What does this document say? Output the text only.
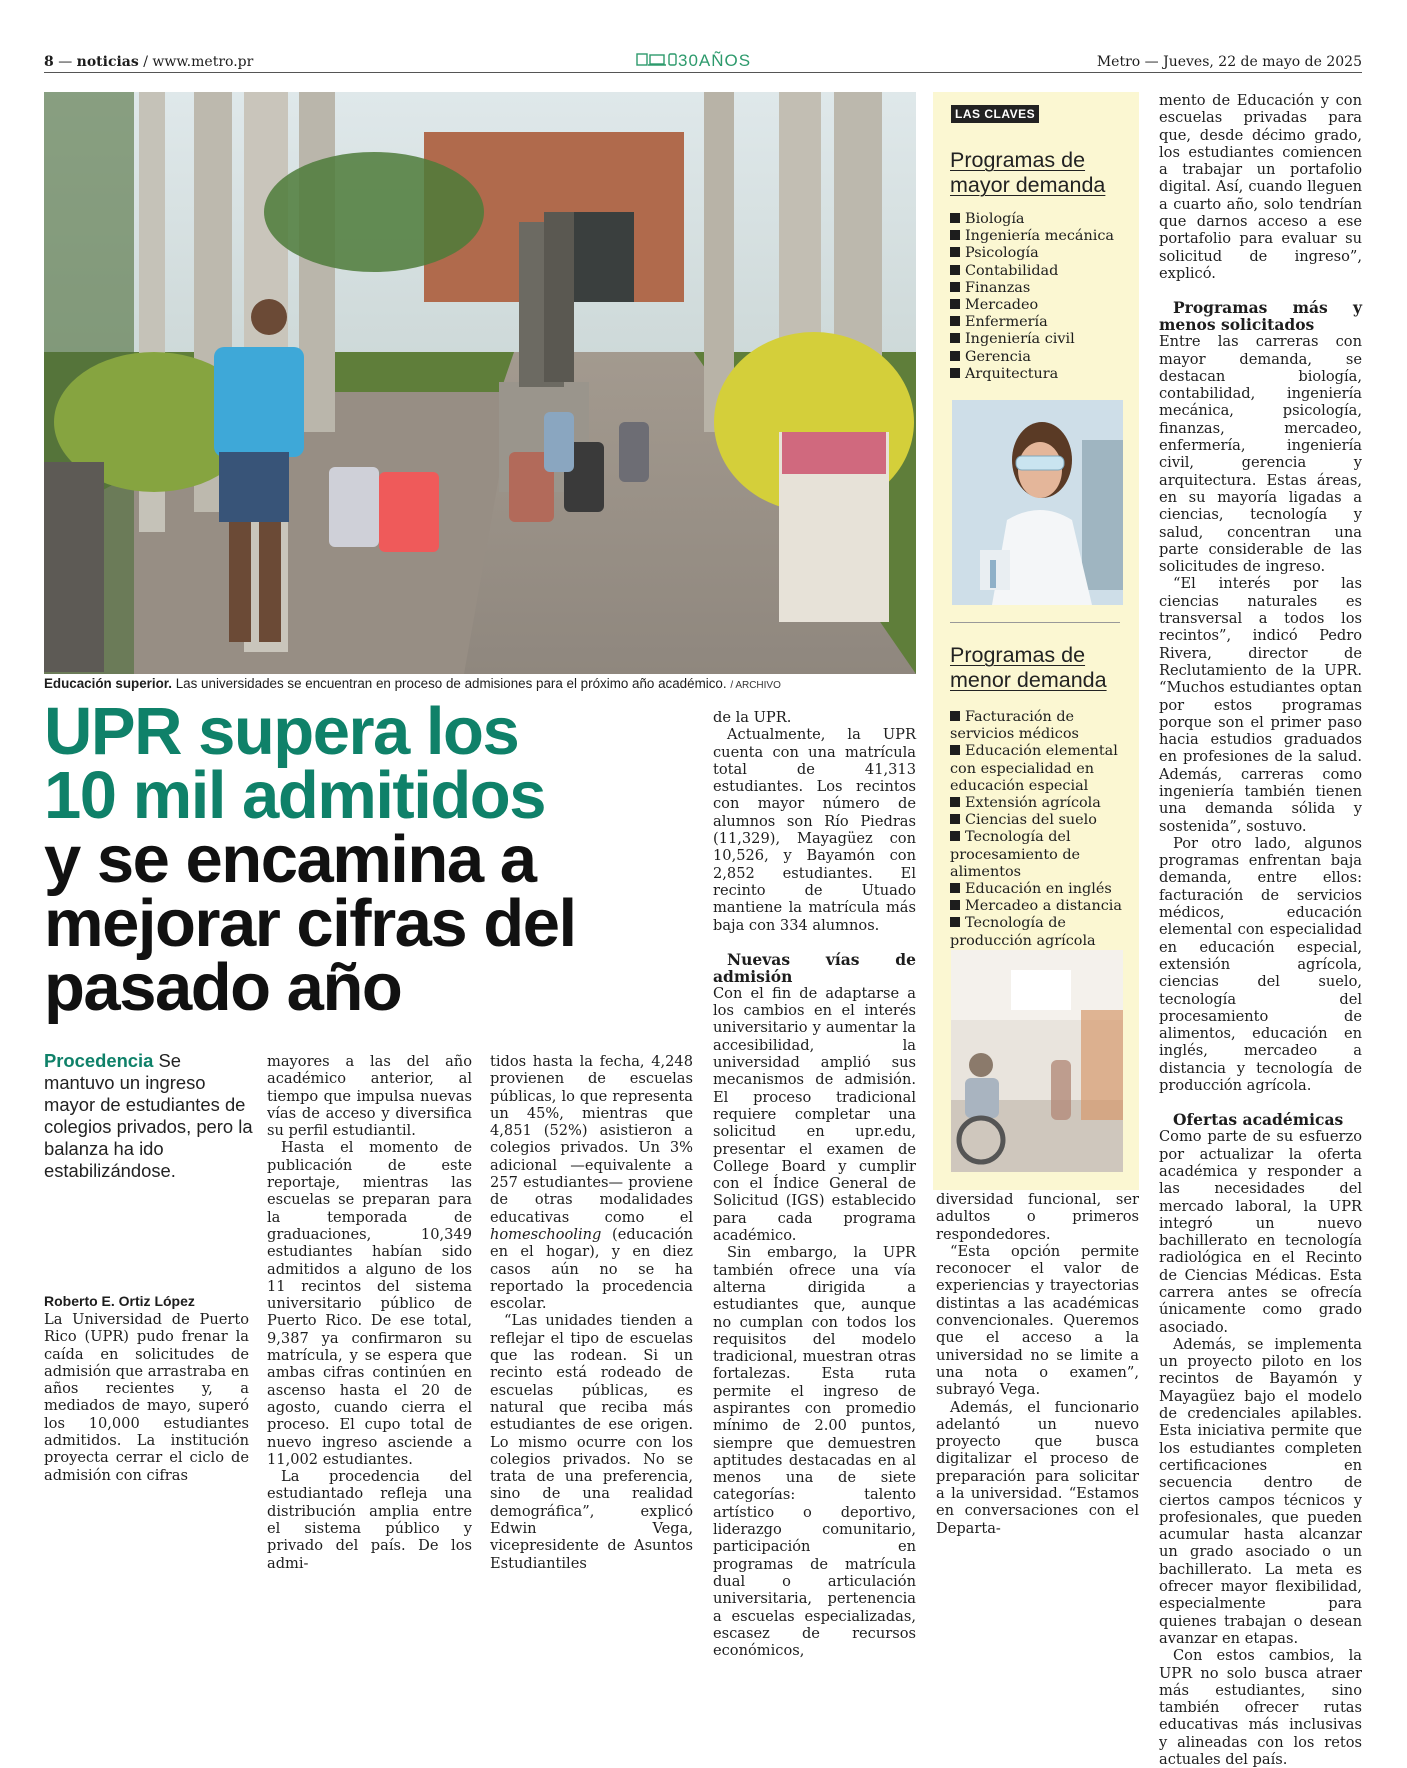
8 — noticias / www.metro.pr	30AÑOS	Metro — Jueves, 22 de mayo de 2025
Educación superior. Las universidades se encuentran en proceso de admisiones para el próximo año académico. / ARCHIVO
UPR supera los
10 mil admitidos
y se encamina a
mejorar cifras del
pasado año
Procedencia Se mantuvo un ingreso mayor de estudiantes de colegios privados, pero la balanza ha ido estabilizándose.
Roberto E. Ortiz López

La Universidad de Puerto Rico (UPR) pudo frenar la caída en solicitudes de admisión que arrastraba en años recientes y, a mediados de mayo, superó los 10,000 estudiantes admitidos. La institución proyecta cerrar el ciclo de admisión con cifras

mayores a las del año académico anterior, al tiempo que impulsa nuevas vías de acceso y diversifica su perfil estudiantil.

Hasta el momento de publicación de este reportaje, mientras las escuelas se preparan para la temporada de graduaciones, 10,349 estudiantes habían sido admitidos a alguno de los 11 recintos del sistema universitario público de Puerto Rico. De ese total, 9,387 ya confirmaron su matrícula, y se espera que ambas cifras continúen en ascenso hasta el 20 de agosto, cuando cierra el proceso. El cupo total de nuevo ingreso asciende a 11,002 estudiantes.

La procedencia del estudiantado refleja una distribución amplia entre el sistema público y privado del país. De los admi-

tidos hasta la fecha, 4,248 provienen de escuelas públicas, lo que representa un 45%, mientras que 4,851 (52%) asistieron a colegios privados. Un 3% adicional —equivalente a 257 estudiantes— proviene de otras modalidades educativas como el homeschooling (educación en el hogar), y en diez casos aún no se ha reportado la procedencia escolar.

“Las unidades tienden a reflejar el tipo de escuelas que las rodean. Si un recinto está rodeado de escuelas públicas, es natural que reciba más estudiantes de ese origen. Lo mismo ocurre con los colegios privados. No se trata de una preferencia, sino de una realidad demográfica”, explicó Edwin Vega, vicepresidente de Asuntos Estudiantiles

de la UPR.

Actualmente, la UPR cuenta con una matrícula total de 41,313 estudiantes. Los recintos con mayor número de alumnos son Río Piedras (11,329), Mayagüez con 10,526, y Bayamón con 2,852 estudiantes. El recinto de Utuado mantiene la matrícula más baja con 334 alumnos.

Nuevas vías de admisión

Con el fin de adaptarse a los cambios en el interés universitario y aumentar la accesibilidad, la universidad amplió sus mecanismos de admisión. El proceso tradicional requiere completar una solicitud en upr.edu, presentar el examen de College Board y cumplir con el Índice General de Solicitud (IGS) establecido para cada programa académico.

Sin embargo, la UPR también ofrece una vía alterna dirigida a estudiantes que, aunque no cumplan con todos los requisitos del modelo tradicional, muestran otras fortalezas. Esta ruta permite el ingreso de aspirantes con promedio mínimo de 2.00 puntos, siempre que demuestren aptitudes destacadas en al menos una de siete categorías: talento artístico o deportivo, liderazgo comunitario, participación en programas de matrícula dual o articulación universitaria, pertenencia a escuelas especializadas, escasez de recursos económicos,

diversidad funcional, ser adultos o primeros respondedores.

“Esta opción permite reconocer el valor de experiencias y trayectorias distintas a las académicas convencionales. Queremos que el acceso a la universidad no se limite a una nota o examen”, subrayó Vega.

Además, el funcionario adelantó un nuevo proyecto que busca digitalizar el proceso de preparación para solicitar a la universidad. “Estamos en conversaciones con el Departa-

mento de Educación y con escuelas privadas para que, desde décimo grado, los estudiantes comiencen a trabajar un portafolio digital. Así, cuando lleguen a cuarto año, solo tendrían que darnos acceso a ese portafolio para evaluar su solicitud de ingreso”, explicó.

Programas más y menos solicitados

Entre las carreras con mayor demanda, se destacan biología, contabilidad, ingeniería mecánica, psicología, finanzas, mercadeo, enfermería, ingeniería civil, gerencia y arquitectura. Estas áreas, en su mayoría ligadas a ciencias, tecnología y salud, concentran una parte considerable de las solicitudes de ingreso.

“El interés por las ciencias naturales es transversal a todos los recintos”, indicó Pedro Rivera, director de Reclutamiento de la UPR. “Muchos estudiantes optan por estos programas porque son el primer paso hacia estudios graduados en profesiones de la salud. Además, carreras como ingeniería también tienen una demanda sólida y sostenida”, sostuvo.

Por otro lado, algunos programas enfrentan baja demanda, entre ellos: facturación de servicios médicos, educación elemental con especialidad en educación especial, extensión agrícola, ciencias del suelo, tecnología del procesamiento de alimentos, educación en inglés, mercadeo a distancia y tecnología de producción agrícola.

Ofertas académicas

Como parte de su esfuerzo por actualizar la oferta académica y responder a las necesidades del mercado laboral, la UPR integró un nuevo bachillerato en tecnología radiológica en el Recinto de Ciencias Médicas. Esta carrera antes se ofrecía únicamente como grado asociado.

Además, se implementa un proyecto piloto en los recintos de Bayamón y Mayagüez bajo el modelo de credenciales apilables. Esta iniciativa permite que los estudiantes completen certificaciones en secuencia dentro de ciertos campos técnicos y profesionales, que pueden acumular hasta alcanzar un grado asociado o un bachillerato. La meta es ofrecer mayor flexibilidad, especialmente para quienes trabajan o desean avanzar en etapas.

Con estos cambios, la UPR no solo busca atraer más estudiantes, sino también ofrecer rutas educativas más inclusivas y alineadas con los retos actuales del país.

LAS CLAVES
Programas de mayor demanda
Biología
Ingeniería mecánica
Psicología
Contabilidad
Finanzas
Mercadeo
Enfermería
Ingeniería civil
Gerencia
Arquitectura
Programas de menor demanda
Facturación de servicios médicos
Educación elemental con especialidad en educación especial
Extensión agrícola
Ciencias del suelo
Tecnología del procesamiento de alimentos
Educación en inglés
Mercadeo a distancia
Tecnología de producción agrícola
